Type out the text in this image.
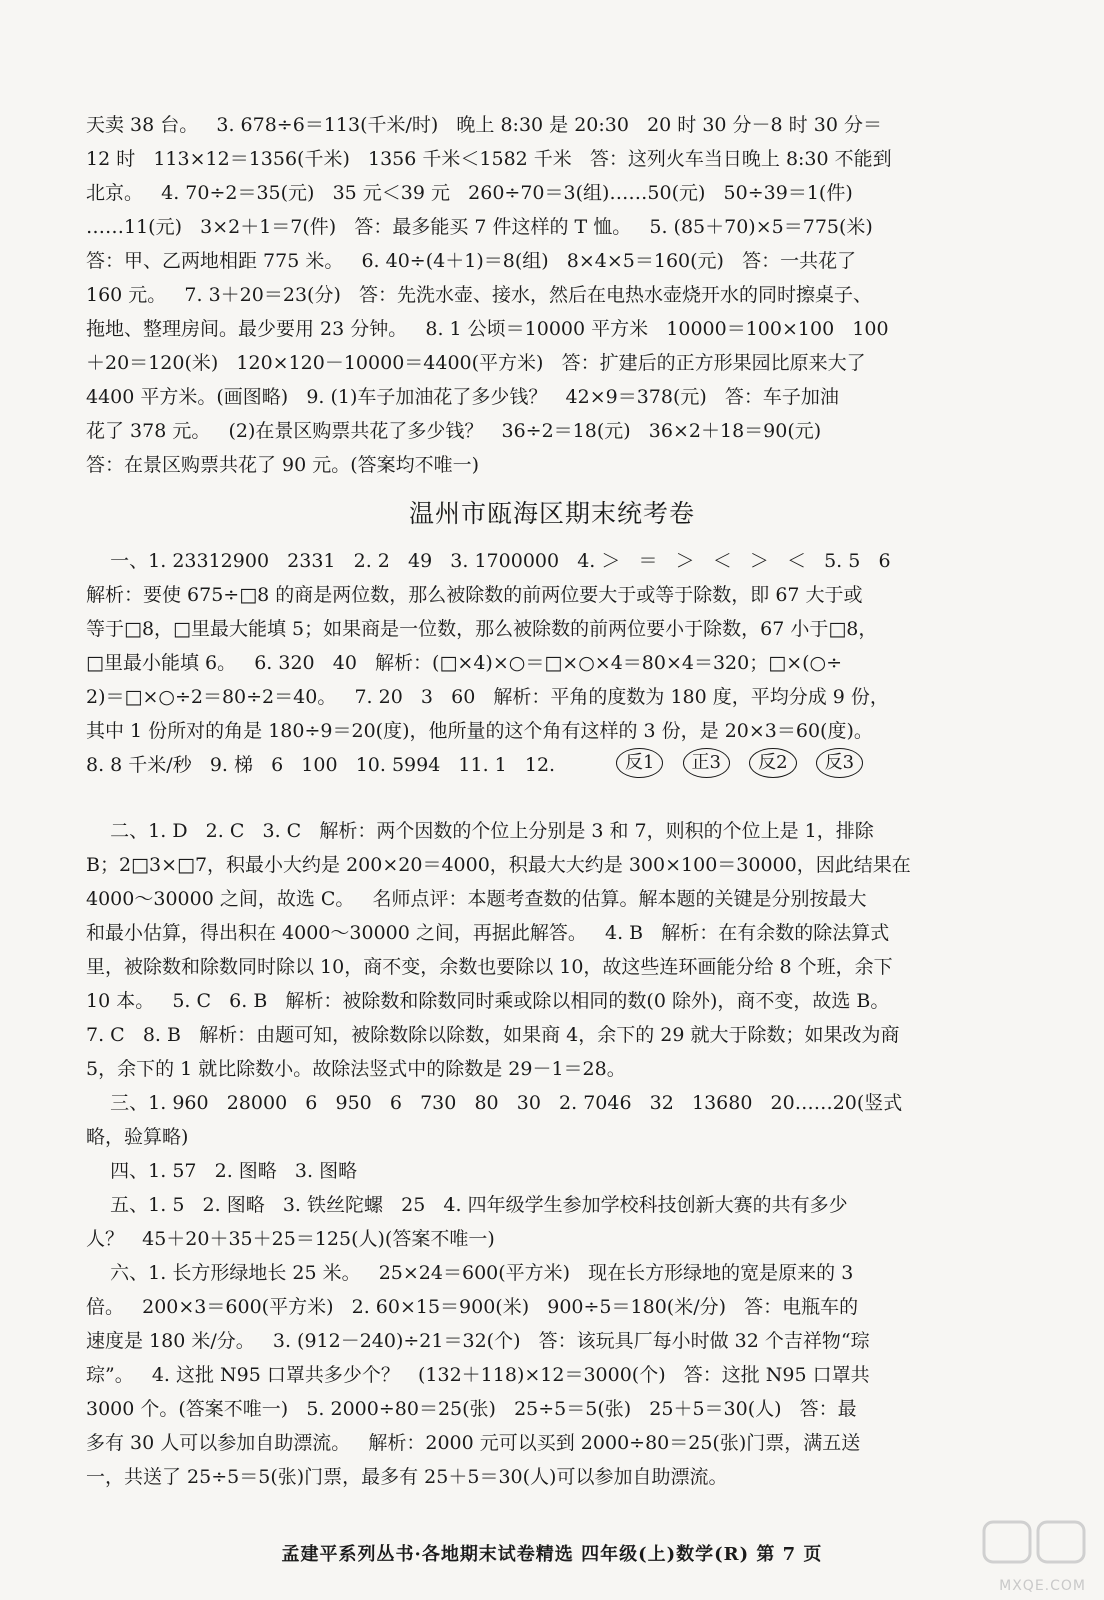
天卖 38 台。   3. 678÷6＝113(千米/时)   晚上 8:30 是 20:30   20 时 30 分－8 时 30 分＝
12 时   113×12＝1356(千米)   1356 千米＜1582 千米   答：这列火车当日晚上 8:30 不能到
北京。   4. 70÷2＝35(元)   35 元＜39 元   260÷70＝3(组)……50(元)   50÷39＝1(件)
……11(元)   3×2＋1＝7(件)   答：最多能买 7 件这样的 T 恤。   5. (85＋70)×5＝775(米)
答：甲、乙两地相距 775 米。   6. 40÷(4＋1)＝8(组)   8×4×5＝160(元)   答：一共花了
160 元。   7. 3＋20＝23(分)   答：先洗水壶、接水，然后在电热水壶烧开水的同时擦桌子、
拖地、整理房间。最少要用 23 分钟。   8. 1 公顷＝10000 平方米   10000＝100×100   100
＋20＝120(米)   120×120－10000＝4400(平方米)   答：扩建后的正方形果园比原来大了
4400 平方米。(画图略)   9. (1)车子加油花了多少钱？   42×9＝378(元)   答：车子加油
花了 378 元。   (2)在景区购票共花了多少钱？   36÷2＝18(元)   36×2＋18＝90(元)
答：在景区购票共花了 90 元。(答案均不唯一)
温州市瓯海区期末统考卷
一、1. 23312900   2331   2. 2   49   3. 1700000   4. ＞   ＝   ＞   ＜   ＞   ＜   5. 5   6
解析：要使 675÷□8 的商是两位数，那么被除数的前两位要大于或等于除数，即 67 大于或
等于□8，□里最大能填 5；如果商是一位数，那么被除数的前两位要小于除数，67 小于□8，
□里最小能填 6。   6. 320   40   解析：(□×4)×○＝□×○×4＝80×4＝320；□×(○÷
2)＝□×○÷2＝80÷2＝40。   7. 20   3   60   解析：平角的度数为 180 度，平均分成 9 份，
其中 1 份所对的角是 180÷9＝20(度)，他所量的这个角有这样的 3 份，是 20×3＝60(度)。
8. 8 千米/秒   9. 梯   6   100   10. 5994   11. 1   12.	反1 正3 反2 反3
二、1. D   2. C   3. C   解析：两个因数的个位上分别是 3 和 7，则积的个位上是 1，排除
B；2□3×□7，积最小大约是 200×20＝4000，积最大大约是 300×100＝30000，因此结果在
4000～30000 之间，故选 C。   名师点评：本题考查数的估算。解本题的关键是分别按最大
和最小估算，得出积在 4000～30000 之间，再据此解答。   4. B   解析：在有余数的除法算式
里，被除数和除数同时除以 10，商不变，余数也要除以 10，故这些连环画能分给 8 个班，余下
10 本。   5. C   6. B   解析：被除数和除数同时乘或除以相同的数(0 除外)，商不变，故选 B。
7. C   8. B   解析：由题可知，被除数除以除数，如果商 4，余下的 29 就大于除数；如果改为商
5，余下的 1 就比除数小。故除法竖式中的除数是 29－1＝28。
三、1. 960   28000   6   950   6   730   80   30   2. 7046   32   13680   20……20(竖式
略，验算略)
四、1. 57   2. 图略   3. 图略
五、1. 5   2. 图略   3. 铁丝陀螺   25   4. 四年级学生参加学校科技创新大赛的共有多少
人？   45＋20＋35＋25＝125(人)(答案不唯一)
六、1. 长方形绿地长 25 米。   25×24＝600(平方米)   现在长方形绿地的宽是原来的 3
倍。   200×3＝600(平方米)   2. 60×15＝900(米)   900÷5＝180(米/分)   答：电瓶车的
速度是 180 米/分。   3. (912－240)÷21＝32(个)   答：该玩具厂每小时做 32 个吉祥物“琮
琮”。   4. 这批 N95 口罩共多少个？   (132＋118)×12＝3000(个)   答：这批 N95 口罩共
3000 个。(答案不唯一)   5. 2000÷80＝25(张)   25÷5＝5(张)   25＋5＝30(人)   答：最
多有 30 人可以参加自助漂流。   解析：2000 元可以买到 2000÷80＝25(张)门票，满五送
一，共送了 25÷5＝5(张)门票，最多有 25＋5＝30(人)可以参加自助漂流。
孟建平系列丛书·各地期末试卷精选 四年级(上)数学(R) 第 7 页
MXQE.COM
